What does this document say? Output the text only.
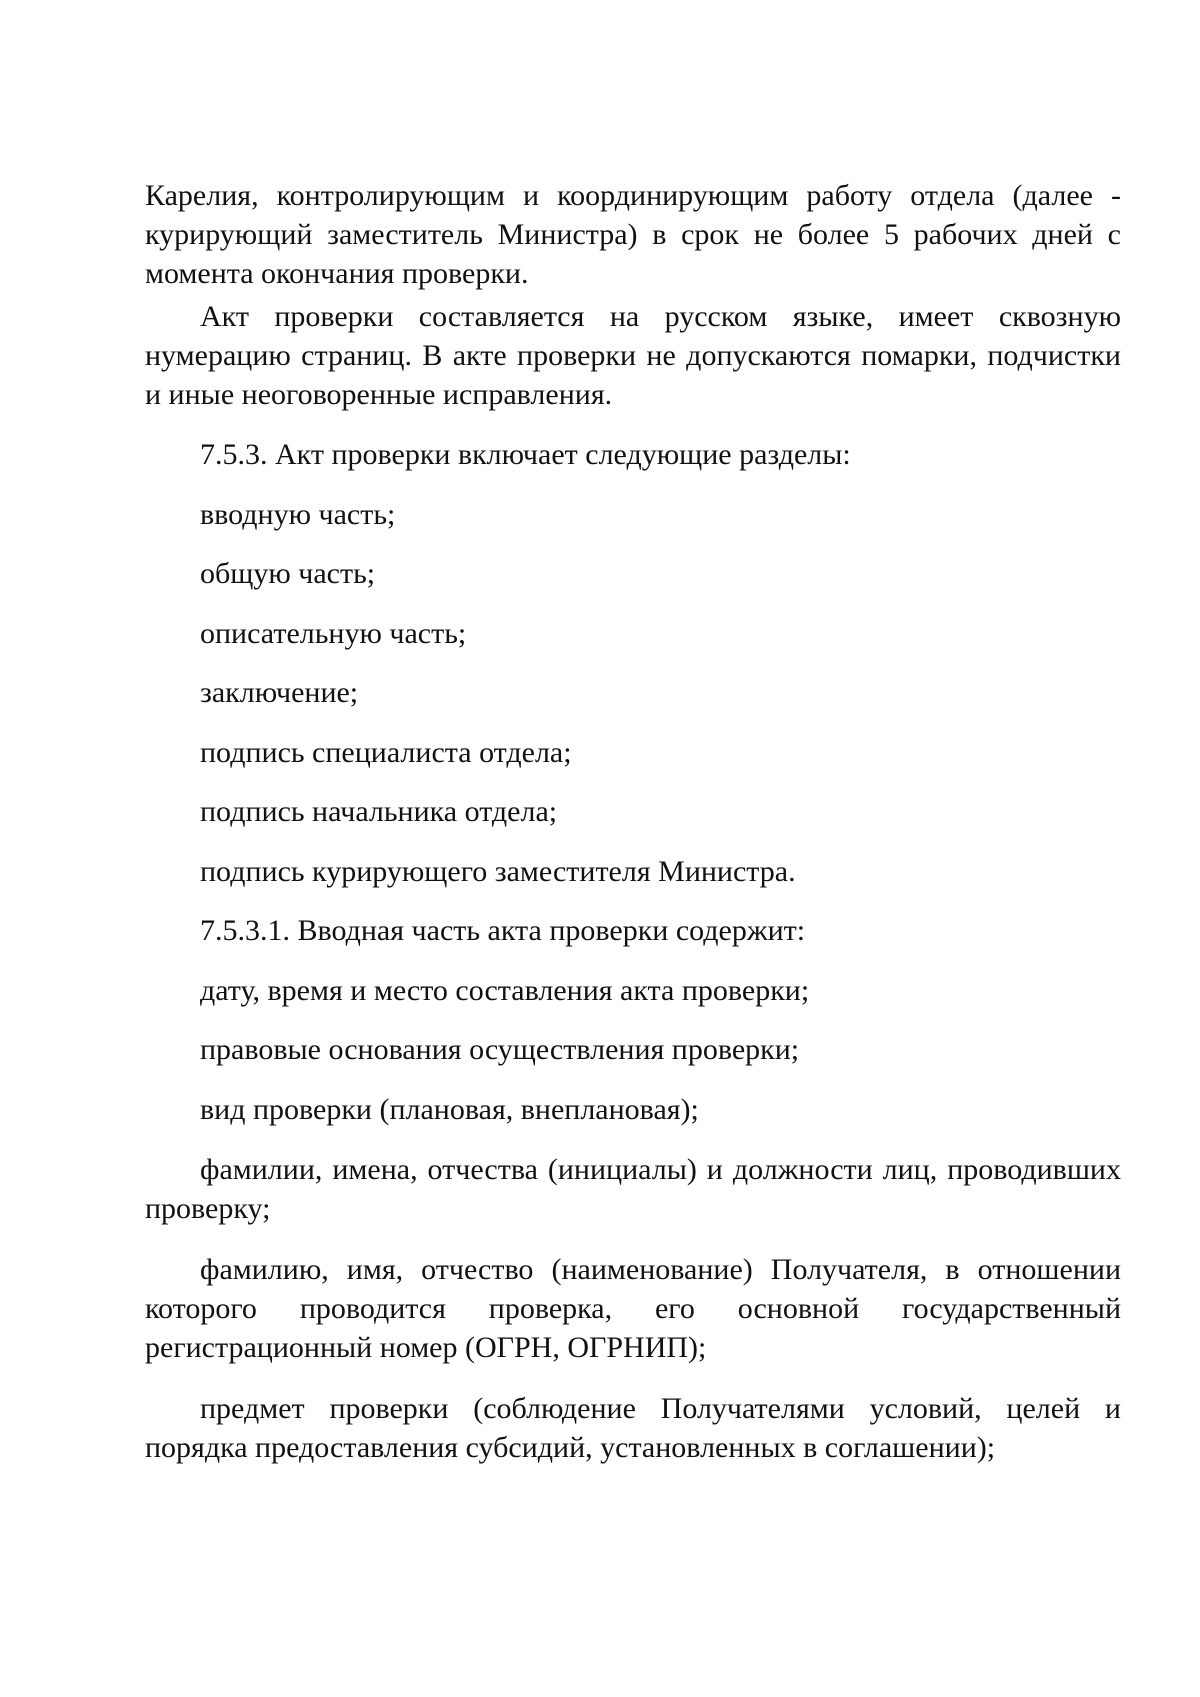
Карелия, контролирующим и координирующим работу отдела (далее - курирующий заместитель Министра) в срок не более 5 рабочих дней с момента окончания проверки.

Акт проверки составляется на русском языке, имеет сквозную нумерацию страниц. В акте проверки не допускаются помарки, подчистки и иные неоговоренные исправления.

7.5.3. Акт проверки включает следующие разделы:

вводную часть;

общую часть;

описательную часть;

заключение;

подпись специалиста отдела;

подпись начальника отдела;

подпись курирующего заместителя Министра.

7.5.3.1. Вводная часть акта проверки содержит:

дату, время и место составления акта проверки;

правовые основания осуществления проверки;

вид проверки (плановая, внеплановая);

фамилии, имена, отчества (инициалы) и должности лиц, проводивших проверку;

фамилию, имя, отчество (наименование) Получателя, в отношении которого проводится проверка, его основной государственный регистрационный номер (ОГРН, ОГРНИП);

предмет проверки (соблюдение Получателями условий, целей и порядка предоставления субсидий, установленных в соглашении);
